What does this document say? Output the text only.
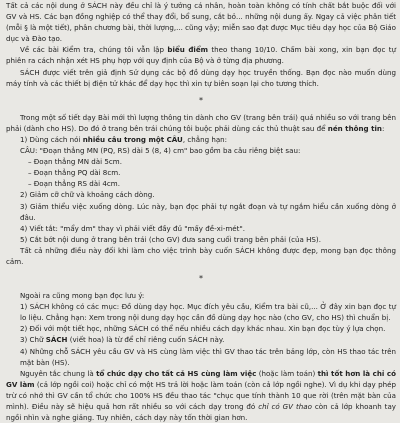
Tất cả các nội dung ở SÁCH này đều chỉ là ý tưởng cá nhân, hoàn toàn không có tính chất bắt buộc đối với GV và HS. Các bạn đồng nghiệp có thể thay đổi, bổ sung, cắt bỏ... những nội dung ấy. Ngay cả việc phân tiết (mỗi § là một tiết), phân chương bài, thời lượng,... cũng vậy; miễn sao đạt được Mục tiêu dạy học của Bộ Giáo dục và Đào tạo.

Về các bài Kiểm tra, chúng tôi vẫn lập biểu điểm theo thang 10/10. Chấm bài xong, xin bạn đọc tự phiên ra cách nhận xét HS phụ hợp với quy định của Bộ và ở từng địa phương.

SÁCH được viết trên giả định Sử dụng các bộ đồ dùng dạy học truyền thống. Bạn đọc nào muốn dùng máy tính và các thiết bị điện tử khác để dạy học thì xin tự biên soạn lại cho tương thích.

*

Trong một số tiết dạy Bài mới thì lượng thông tin dành cho GV (trang bên trái) quá nhiều so với trang bên phải (dành cho HS). Do đó ở trang bên trái chúng tôi buộc phải dùng các thủ thuật sau để nén thông tin:

1) Dùng cách nói nhiều câu trong một CÂU, chẳng hạn:

CÂU: "Đoạn thẳng MN (PQ, RS) dài 5 (8, 4) cm" bao gồm ba câu riêng biệt sau:

– Đoạn thẳng MN dài 5cm.

– Đoạn thẳng PQ dài 8cm.

– Đoạn thẳng RS dài 4cm.

2) Giảm cỡ chữ và khoảng cách dòng.

3) Giảm thiểu việc xuống dòng. Lúc này, bạn đọc phải tự ngắt đoạn và tự ngắm hiểu cần xuống dòng ở đâu.

4) Viết tắt: "mẩy dm" thay vì phải viết đầy đủ "mấy đề-xi-mét".

5) Cắt bớt nội dung ở trang bên trái (cho GV) đưa sang cuối trang bên phải (của HS).

Tất cả những điều này đối khi làm cho việc trình bày cuốn SÁCH không được đẹp, mong bạn đọc thông cảm.

*

Ngoài ra cũng mong bạn đọc lưu ý:

1) SÁCH không có các mục: Đồ dùng dạy học. Mục đích yêu cầu, Kiểm tra bài cũ,... Ở đây xin bạn đọc tự lo liệu. Chẳng hạn: Xem trong nội dung dạy học cần đồ dùng dạy học nào (cho GV, cho HS) thì chuẩn bị.

2) Đối với một tiết học, những SÁCH có thể nếu nhiều cách dạy khác nhau. Xin bạn đọc tùy ý lựa chọn.

3) Chữ SÁCH (viết hoa) là từ để chỉ riêng cuốn SÁCH này.

4) Những chỗ SÁCH yêu cầu GV và HS cùng làm việc thì GV thao tác trên bảng lớp, còn HS thao tác trên mặt bàn (HS).

Nguyên tắc chung là tổ chức dạy cho tất cả HS cùng làm việc (hoặc làm toán) thì tốt hơn là chỉ có GV làm (cả lớp ngồi coi) hoặc chỉ có một HS trả lời hoặc làm toán (còn cả lớp ngồi nghe). Vì dụ khi dạy phép trừ có nhớ thì GV cần tổ chức cho 100% HS đều thao tác "chục que tính thành 10 que rời (trên mặt bàn của mình). Điều này sẽ hiệu quả hơn rất nhiều so với cách dạy trong đó chỉ có GV thao còn cả lớp khoanh tay ngồi nhìn và nghe giảng. Tuy nhiên, cách dạy này tốn thời gian hơn.
